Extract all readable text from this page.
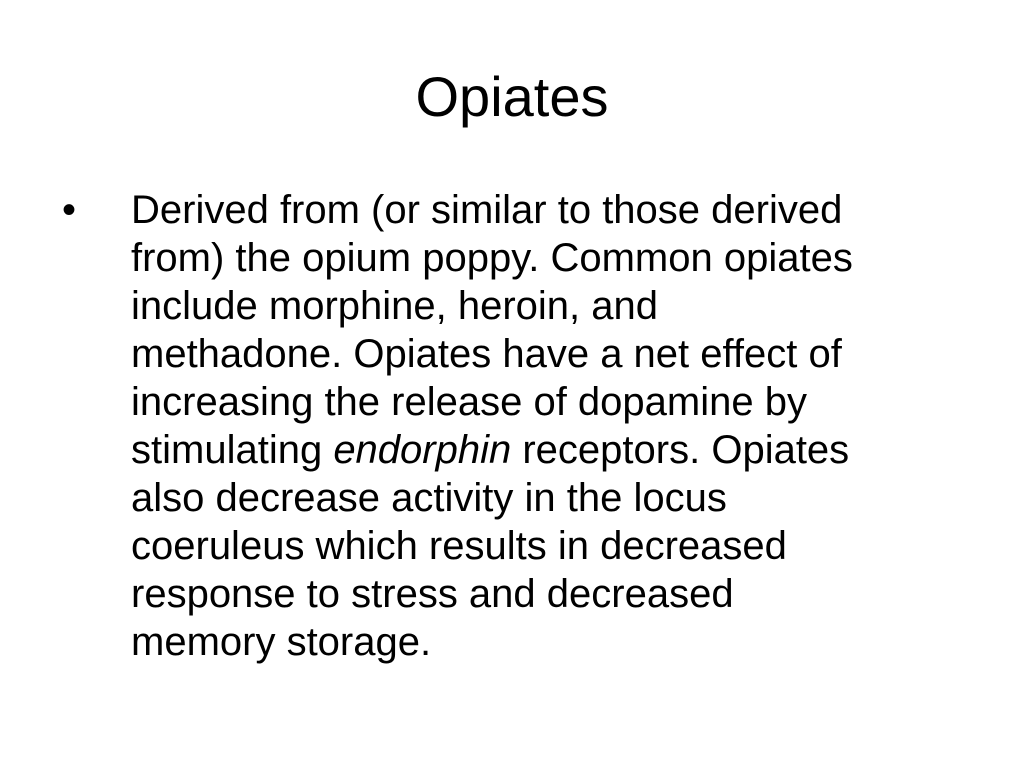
Opiates
• Derived from (or similar to those derived
from) the opium poppy. Common opiates
include morphine, heroin, and
methadone. Opiates have a net effect of
increasing the release of dopamine by
stimulating endorphin receptors. Opiates
also decrease activity in the locus
coeruleus which results in decreased
response to stress and decreased
memory storage.
